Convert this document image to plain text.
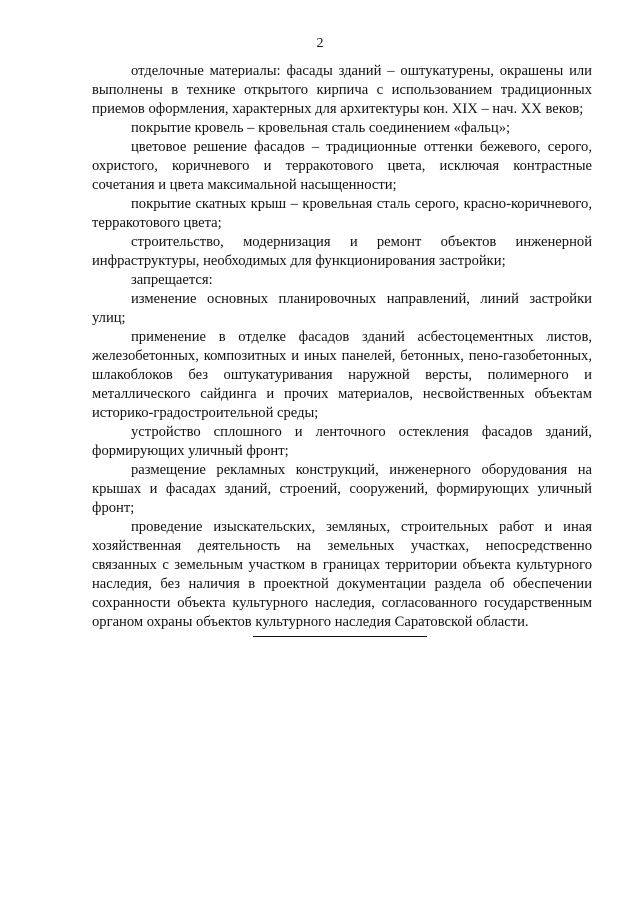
2

отделочные материалы: фасады зданий – оштукатурены, окрашены или выполнены в технике открытого кирпича с использованием традиционных приемов оформления, характерных для архитектуры кон. XIX – нач. XX веков;

покрытие кровель – кровельная сталь соединением «фальц»;

цветовое решение фасадов – традиционные оттенки бежевого, серого, охристого, коричневого и терракотового цвета, исключая контрастные сочетания и цвета максимальной насыщенности;

покрытие скатных крыш – кровельная сталь серого, красно-коричневого, терракотового цвета;

строительство, модернизация и ремонт объектов инженерной инфраструктуры, необходимых для функционирования застройки;

запрещается:

изменение основных планировочных направлений, линий застройки улиц;

применение в отделке фасадов зданий асбестоцементных листов, железобетонных, композитных и иных панелей, бетонных, пено-газобетонных, шлакоблоков без оштукатуривания наружной версты, полимерного и металлического сайдинга и прочих материалов, несвойственных объектам историко-градостроительной среды;

устройство сплошного и ленточного остекления фасадов зданий, формирующих уличный фронт;

размещение рекламных конструкций, инженерного оборудования на крышах и фасадах зданий, строений, сооружений, формирующих уличный фронт;

проведение изыскательских, земляных, строительных работ и иная хозяйственная деятельность на земельных участках, непосредственно связанных с земельным участком в границах территории объекта культурного наследия, без наличия в проектной документации раздела об обеспечении сохранности объекта культурного наследия, согласованного государственным органом охраны объектов культурного наследия Саратовской области.
